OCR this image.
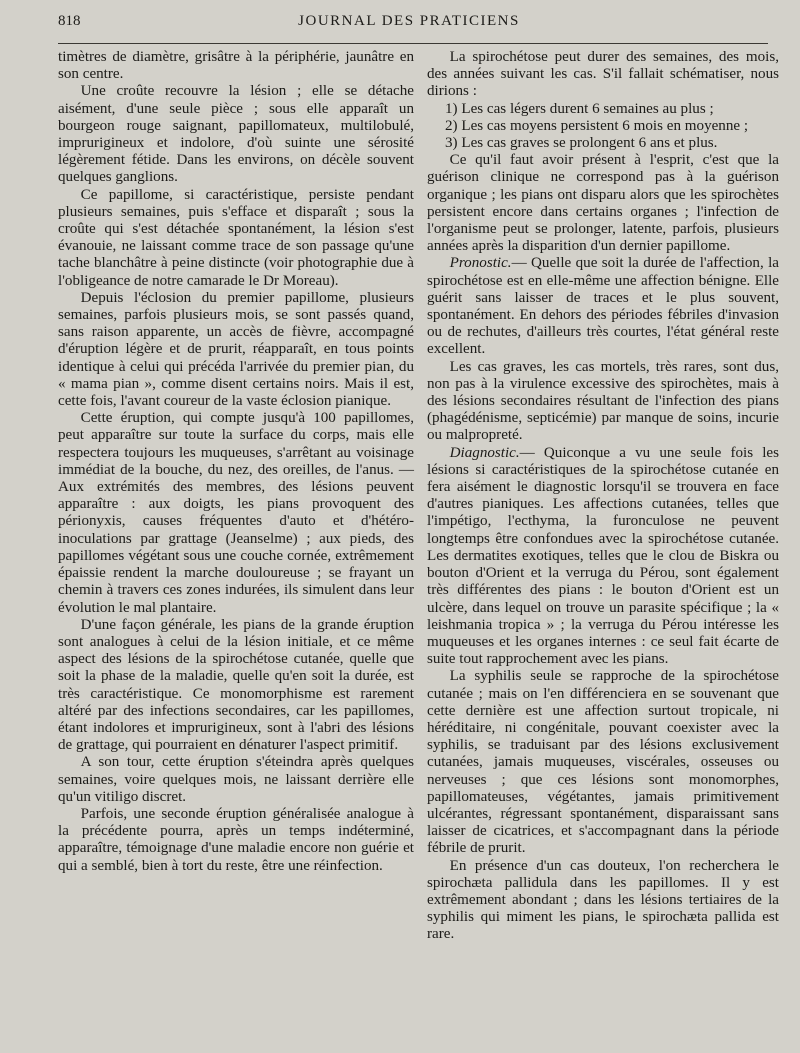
818	JOURNAL DES PRATICIENS

timètres de diamètre, grisâtre à la périphérie, jaunâtre en son centre.

Une croûte recouvre la lésion ; elle se détache aisément, d'une seule pièce ; sous elle apparaît un bourgeon rouge saignant, papillomateux, multilobulé, imprurigineux et indolore, d'où suinte une sérosité légèrement fétide. Dans les environs, on décèle souvent quelques ganglions.

Ce papillome, si caractéristique, persiste pendant plusieurs semaines, puis s'efface et disparaît ; sous la croûte qui s'est détachée spontanément, la lésion s'est évanouie, ne laissant comme trace de son passage qu'une tache blanchâtre à peine distincte (voir photographie due à l'obligeance de notre camarade le Dr Moreau).

Depuis l'éclosion du premier papillome, plusieurs semaines, parfois plusieurs mois, se sont passés quand, sans raison apparente, un accès de fièvre, accompagné d'éruption légère et de prurit, réapparaît, en tous points identique à celui qui précéda l'arrivée du premier pian, du « mama pian », comme disent certains noirs. Mais il est, cette fois, l'avant coureur de la vaste éclosion pianique.

Cette éruption, qui compte jusqu'à 100 papillomes, peut apparaître sur toute la surface du corps, mais elle respectera toujours les muqueuses, s'arrêtant au voisinage immédiat de la bouche, du nez, des oreilles, de l'anus. — Aux extrémités des membres, des lésions peuvent apparaître : aux doigts, les pians provoquent des périonyxis, causes fréquentes d'auto et d'hétéro-inoculations par grattage (Jeanselme) ; aux pieds, des papillomes végétant sous une couche cornée, extrêmement épaissie rendent la marche douloureuse ; se frayant un chemin à travers ces zones indurées, ils simulent dans leur évolution le mal plantaire.

D'une façon générale, les pians de la grande éruption sont analogues à celui de la lésion initiale, et ce même aspect des lésions de la spirochétose cutanée, quelle que soit la phase de la maladie, quelle qu'en soit la durée, est très caractéristique. Ce monomorphisme est rarement altéré par des infections secondaires, car les papillomes, étant indolores et imprurigineux, sont à l'abri des lésions de grattage, qui pourraient en dénaturer l'aspect primitif.

A son tour, cette éruption s'éteindra après quelques semaines, voire quelques mois, ne laissant derrière elle qu'un vitiligo discret.

Parfois, une seconde éruption généralisée analogue à la précédente pourra, après un temps indéterminé, apparaître, témoignage d'une maladie encore non guérie et qui a semblé, bien à tort du reste, être une réinfection.

La spirochétose peut durer des semaines, des mois, des années suivant les cas. S'il fallait schématiser, nous dirions :

1) Les cas légers durent 6 semaines au plus ;

2) Les cas moyens persistent 6 mois en moyenne ;

3) Les cas graves se prolongent 6 ans et plus.

Ce qu'il faut avoir présent à l'esprit, c'est que la guérison clinique ne correspond pas à la guérison organique ; les pians ont disparu alors que les spirochètes persistent encore dans certains organes ; l'infection de l'organisme peut se prolonger, latente, parfois, plusieurs années après la disparition d'un dernier papillome.

Pronostic.— Quelle que soit la durée de l'affection, la spirochétose est en elle-même une affection bénigne. Elle guérit sans laisser de traces et le plus souvent, spontanément. En dehors des périodes fébriles d'invasion ou de rechutes, d'ailleurs très courtes, l'état général reste excellent.

Les cas graves, les cas mortels, très rares, sont dus, non pas à la virulence excessive des spirochètes, mais à des lésions secondaires résultant de l'infection des pians (phagédénisme, septicémie) par manque de soins, incurie ou malpropreté.

Diagnostic.— Quiconque a vu une seule fois les lésions si caractéristiques de la spirochétose cutanée en fera aisément le diagnostic lorsqu'il se trouvera en face d'autres pianiques. Les affections cutanées, telles que l'impétigo, l'ecthyma, la furonculose ne peuvent longtemps être confondues avec la spirochétose cutanée. Les dermatites exotiques, telles que le clou de Biskra ou bouton d'Orient et la verruga du Pérou, sont également très différentes des pians : le bouton d'Orient est un ulcère, dans lequel on trouve un parasite spécifique ; la « leishmania tropica » ; la verruga du Pérou intéresse les muqueuses et les organes internes : ce seul fait écarte de suite tout rapprochement avec les pians.

La syphilis seule se rapproche de la spirochétose cutanée ; mais on l'en différenciera en se souvenant que cette dernière est une affection surtout tropicale, ni héréditaire, ni congénitale, pouvant coexister avec la syphilis, se traduisant par des lésions exclusivement cutanées, jamais muqueuses, viscérales, osseuses ou nerveuses ; que ces lésions sont monomorphes, papillomateuses, végétantes, jamais primitivement ulcérantes, régressant spontanément, disparaissant sans laisser de cicatrices, et s'accompagnant dans la période fébrile de prurit.

En présence d'un cas douteux, l'on recherchera le spirochæta pallidula dans les papillomes. Il y est extrêmement abondant ; dans les lésions tertiaires de la syphilis qui miment les pians, le spirochæta pallida est rare.
